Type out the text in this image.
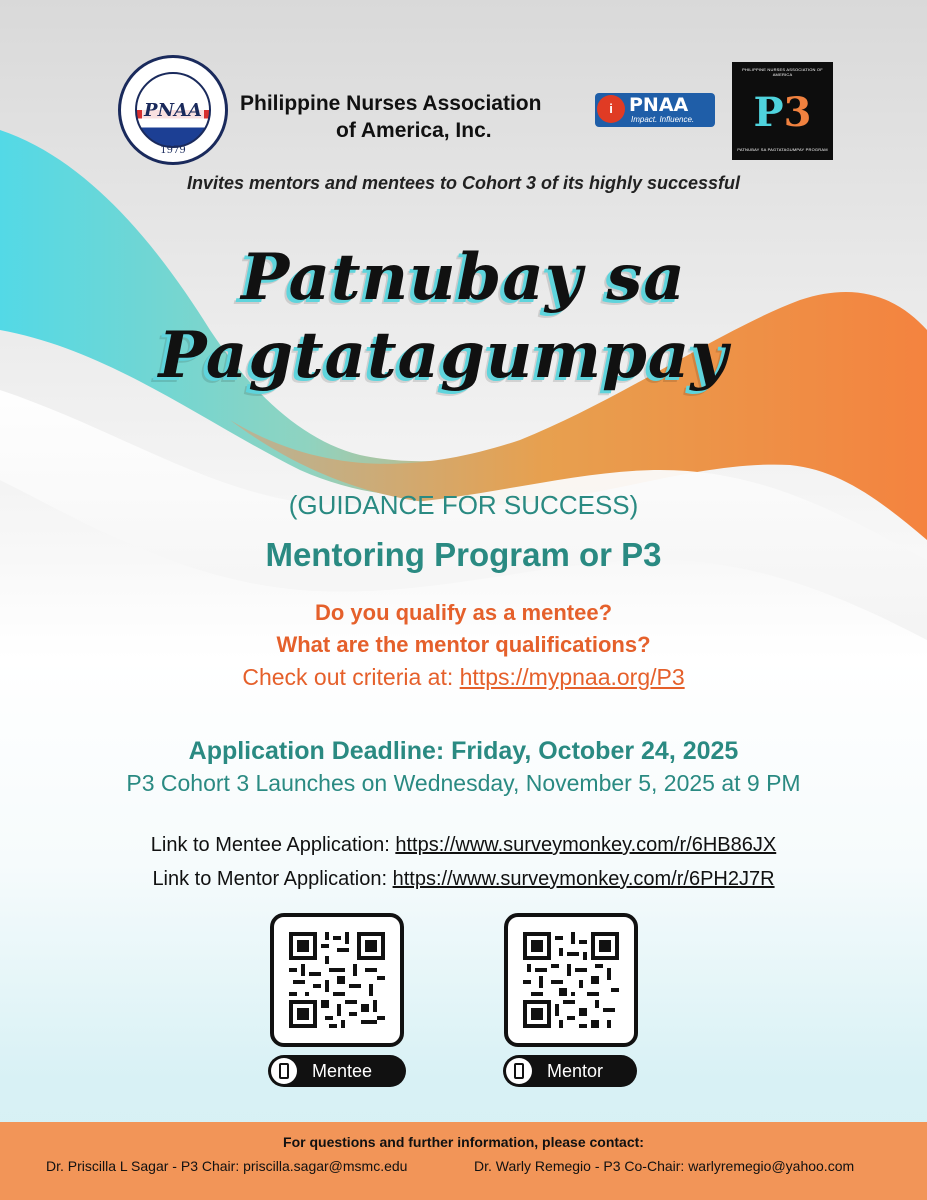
PNAA
1979
Philippine Nurses Association
of America, Inc.
i PNAA
Impact. Influence.
PHILIPPINE NURSES ASSOCIATION OF AMERICA
P3
PATNUBAY SA PAGTATAGUMPAY PROGRAM
Invites mentors and mentees to Cohort 3 of its highly successful
Patnubay sa
Pagtatagumpay
(GUIDANCE FOR SUCCESS)
Mentoring Program or P3
Do you qualify as a mentee?
What are the mentor qualifications?
Check out criteria at: https://mypnaa.org/P3
Application Deadline: Friday, October 24, 2025
P3 Cohort 3 Launches on Wednesday, November 5, 2025 at 9 PM
Link to Mentee Application: https://www.surveymonkey.com/r/6HB86JX
Link to Mentor Application: https://www.surveymonkey.com/r/6PH2J7R
Mentee	Mentor
For questions and further information, please contact:
Dr. Priscilla L Sagar - P3 Chair: priscilla.sagar@msmc.edu	Dr. Warly Remegio - P3 Co-Chair: warlyremegio@yahoo.com
